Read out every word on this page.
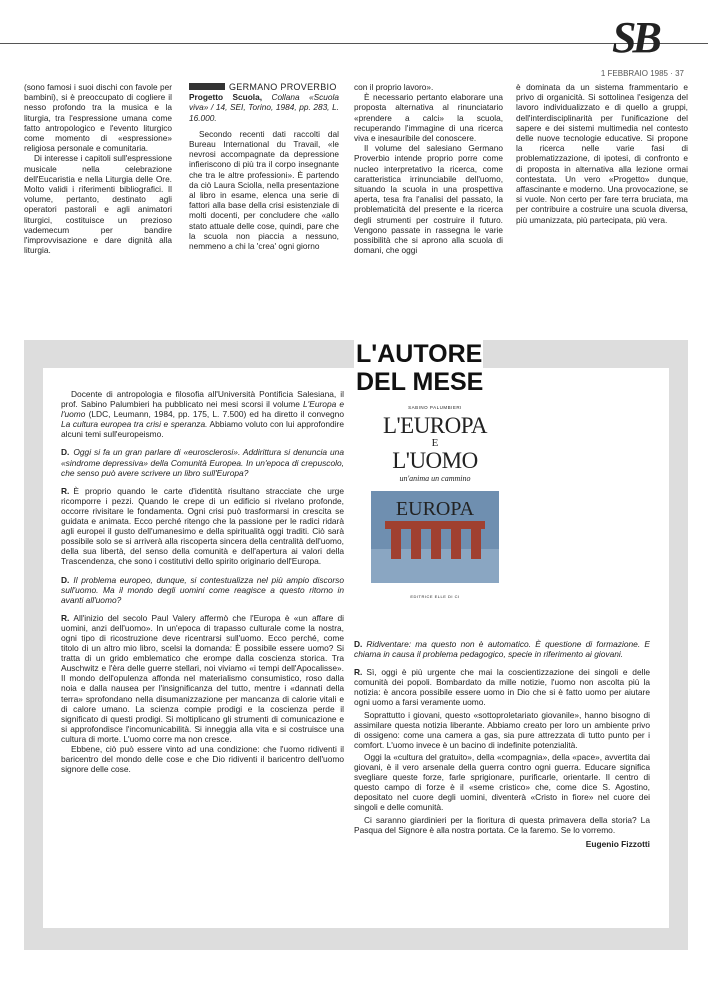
SB
1 FEBBRAIO 1985 · 37

(sono famosi i suoi dischi con favole per bambini), si è preoccupato di cogliere il nesso profondo tra la musica e la liturgia, tra l'espressione umana come fatto antropologico e l'evento liturgico come momento di «espressione» religiosa personale e comunitaria.

Di interesse i capitoli sull'espressione musicale nella celebrazione dell'Eucaristia e nella Liturgia delle Ore. Molto validi i riferimenti bibliografici. Il volume, pertanto, destinato agli operatori pastorali e agli animatori liturgici, costituisce un prezioso vademecum per bandire l'improvvisazione e dare dignità alla liturgia.

GERMANO PROVERBIO

Progetto Scuola, Collana «Scuola viva» / 14, SEI, Torino, 1984, pp. 283, L. 16.000.

Secondo recenti dati raccolti dal Bureau International du Travail, «le nevrosi accompagnate da depressione infieriscono di più tra il corpo insegnante che tra le altre professioni». È partendo da ciò Laura Sciolla, nella presentazione al libro in esame, elenca una serie di fattori alla base della crisi esistenziale di molti docenti, per concludere che «allo stato attuale delle cose, quindi, pare che la scuola non piaccia a nessuno, nemmeno a chi la 'crea' ogni giorno

con il proprio lavoro».

È necessario pertanto elaborare una proposta alternativa al rinunciatario «prendere a calci» la scuola, recuperando l'immagine di una ricerca viva e inesauribile del conoscere.

Il volume del salesiano Germano Proverbio intende proprio porre come nucleo interpretativo la ricerca, come caratteristica irrinunciabile dell'uomo, situando la scuola in una prospettiva aperta, tesa fra l'analisi del passato, la problematicità del presente e la ricerca degli strumenti per costruire il futuro. Vengono passate in rassegna le varie possibilità che si aprono alla scuola di domani, che oggi

è dominata da un sistema frammentario e privo di organicità. Si sottolinea l'esigenza del lavoro individualizzato e di quello a gruppi, dell'interdisciplinarità per l'unificazione del sapere e dei sistemi multimedia nel contesto delle nuove tecnologie educative. Si propone la ricerca nelle varie fasi di problematizzazione, di ipotesi, di confronto e di proposta in alternativa alla lezione ormai contestata. Un vero «Progetto» dunque, affascinante e moderno. Una provocazione, se si vuole. Non certo per fare terra bruciata, ma per contribuire a costruire una scuola diversa, più umanizzata, più partecipata, più vera.

L'AUTORE
DEL MESE

Docente di antropologia e filosofia all'Università Pontificia Salesiana, il prof. Sabino Palumbieri ha pubblicato nei mesi scorsi il volume L'Europa e l'uomo (LDC, Leumann, 1984, pp. 175, L. 7.500) ed ha diretto il convegno La cultura europea tra crisi e speranza. Abbiamo voluto con lui approfondire alcuni temi sull'europeismo.

D. Oggi si fa un gran parlare di «eurosclerosi». Addirittura si denuncia una «sindrome depressiva» della Comunità Europea. In un'epoca di crepuscolo, che senso può avere scrivere un libro sull'Europa?

R. È proprio quando le carte d'identità risultano stracciate che urge ricomporre i pezzi. Quando le crepe di un edificio si rivelano profonde, occorre rivisitare le fondamenta. Ogni crisi può trasformarsi in crescita se guidata e animata. Ecco perché ritengo che la passione per le radici ridarà agli europei il gusto dell'umanesimo e della spiritualità oggi traditi. Ciò sarà possibile solo se si arriverà alla riscoperta sincera della centralità dell'uomo, della sua libertà, del senso della comunità e dell'apertura ai valori della Trascendenza, che sono i costitutivi dello spirito originario dell'Europa.

D. Il problema europeo, dunque, si contestualizza nel più ampio discorso sull'uomo. Ma il mondo degli uomini come reagisce a questo ritorno in avanti all'uomo?

R. All'inizio del secolo Paul Valery affermò che l'Europa è «un affare di uomini, anzi dell'uomo». In un'epoca di trapasso culturale come la nostra, ogni tipo di ricostruzione deve ricentrarsi sull'uomo. Ecco perché, come titolo di un altro mio libro, scelsi la domanda: È possibile essere uomo? Si tratta di un grido emblematico che erompe dalla coscienza storica. Tra Auschwitz e l'èra delle guerre stellari, noi viviamo «i tempi dell'Apocalisse». Il mondo dell'opulenza affonda nel materialismo consumistico, roso dalla noia e dalla nausea per l'insignificanza del tutto, mentre i «dannati della terra» sprofondano nella disumanizzazione per mancanza di calorie vitali e di calore umano. La scienza compie prodigi e la coscienza perde il significato di questi prodigi. Si moltiplicano gli strumenti di comunicazione e si approfondisce l'incomunicabilità. Si inneggia alla vita e si costruisce una cultura di morte. L'uomo corre ma non cresce.

Ebbene, ciò può essere vinto ad una condizione: che l'uomo ridiventi il baricentro del mondo delle cose e che Dio ridiventi il baricentro dell'uomo signore delle cose.

SABINO PALUMBIERI
L'EUROPA
E
L'UOMO
un'anima un cammino
EUROPA
EDITRICE ELLE DI CI

D. Ridiventare: ma questo non è automatico. È questione di formazione. E chiama in causa il problema pedagogico, specie in riferimento ai giovani.

R. Sì, oggi è più urgente che mai la coscientizzazione dei singoli e delle comunità dei popoli. Bombardato da mille notizie, l'uomo non ascolta più la notizia: è ancora possibile essere uomo in Dio che si è fatto uomo per aiutare ogni uomo a farsi veramente uomo.

Soprattutto i giovani, questo «sottoproletariato giovanile», hanno bisogno di assimilare questa notizia liberante. Abbiamo creato per loro un ambiente privo di ossigeno: come una camera a gas, sia pure attrezzata di tutto punto per i comfort. L'uomo invece è un bacino di indefinite potenzialità.

Oggi la «cultura del gratuito», della «compagnia», della «pace», avvertita dai giovani, è il vero arsenale della guerra contro ogni guerra. Educare significa svegliare queste forze, farle sprigionare, purificarle, orientarle. Il centro di questo campo di forze è il «seme cristico» che, come dice S. Agostino, depositato nel cuore degli uomini, diventerà «Cristo in fiore» nel cuore dei singoli e delle comunità.

Ci saranno giardinieri per la fioritura di questa primavera della storia? La Pasqua del Signore è alla nostra portata. Ce la faremo. Se lo vorremo.

Eugenio Fizzotti
